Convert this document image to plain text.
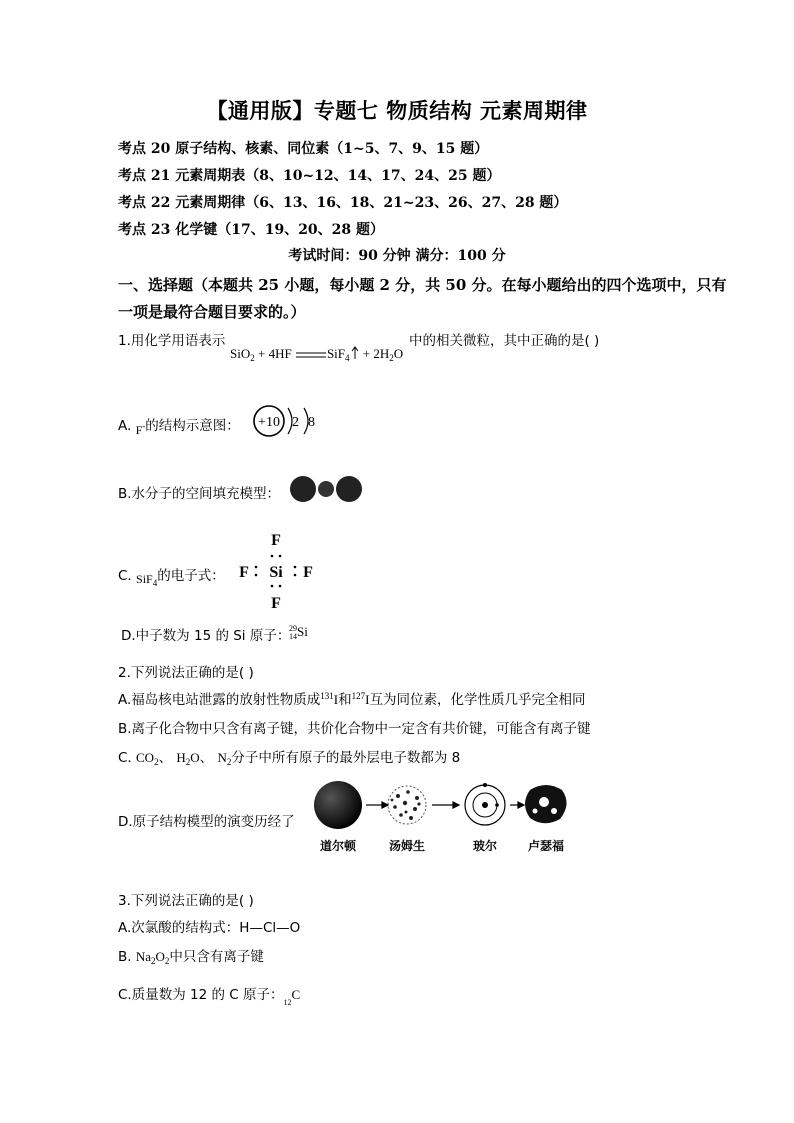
【通用版】专题七 物质结构 元素周期律
考点 20 原子结构、核素、同位素（1~5、7、9、15 题）
考点 21 元素周期表（8、10~12、14、17、24、25 题）
考点 22 元素周期律（6、13、16、18、21~23、26、27、28 题）
考点 23 化学键（17、19、20、28 题）
考试时间：90 分钟 满分：100 分
一、选择题（本题共 25 小题，每小题 2 分，共 50 分。在每小题给出的四个选项中，只有
一项是最符合题目要求的。）
1.用化学用语表示	中的相关微粒，其中正确的是( )
SiO$_2$ + 4HF	$SiF_4 + 2H_2O$
A. F-的结构示意图： +10 2 8
B.水分子的空间填充模型：
C. SiF$_4$的电子式：
F
F Si F
F
D.中子数为 15 的 Si 原子：
29
14Si
2.下列说法正确的是( )
A.福岛核电站泄露的放射性物质成$^{131}$I和$^{127}$I互为同位素，化学性质几乎完全相同
B.离子化合物中只含有离子键，共价化合物中一定含有共价键，可能含有离子键
C. $CO_2$、 $H_2O$、 $N_2$分子中所有原子的最外层电子数都为 8
D.原子结构模型的演变历经了
道尔顿	汤姆生	玻尔	卢瑟福
3.下列说法正确的是( )
A.次氯酸的结构式：H—Cl—O
B. $Na_2O_2$中只含有离子键
C.质量数为 12 的 C 原子：$_{12}$C
